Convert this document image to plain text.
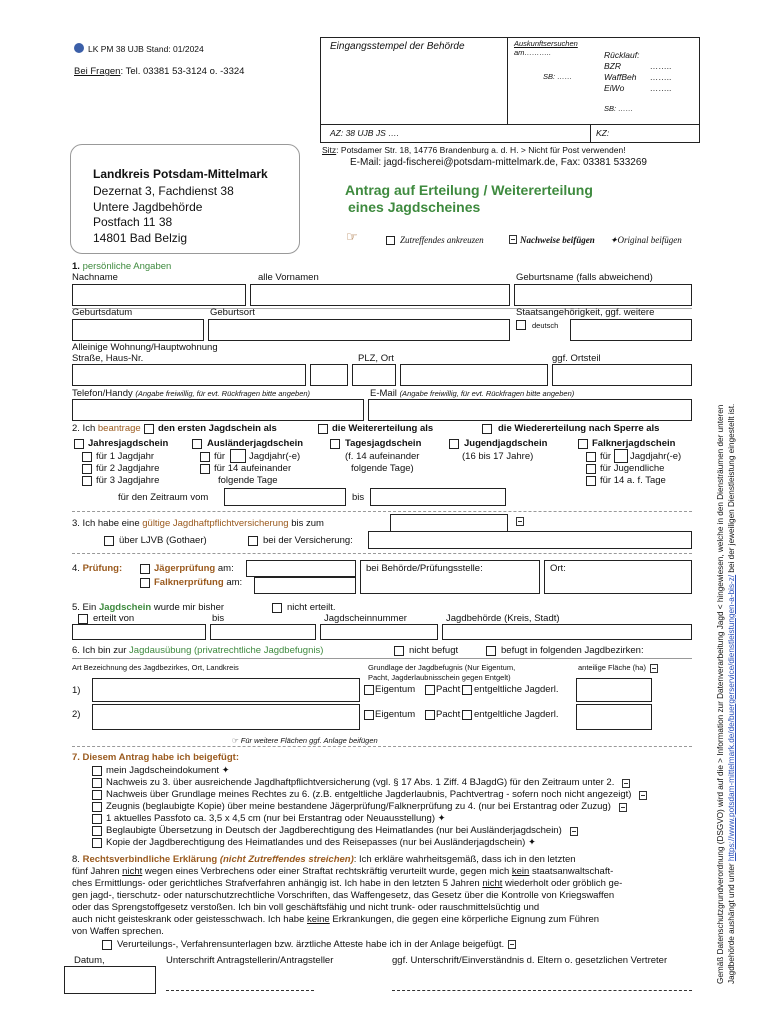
LK PM 38 UJB Stand: 01/2024
Bei Fragen: Tel. 03381 53-3124 o. -3324
Eingangsstempel der Behörde	Auskunftsersuchen
am………..
SB: ……
Rücklauf:
BZR	……..
WaffBeh ……..
EiWo	……..
SB: ……
AZ: 38 UJB JS ….	KZ:
Sitz: Potsdamer Str. 18, 14776 Brandenburg a. d. H. > Nicht für Post verwenden!
E-Mail: jagd-fischerei@potsdam-mittelmark.de, Fax: 03381 533269
Landkreis Potsdam-Mittelmark
Dezernat 3, Fachdienst 38
Untere Jagdbehörde
Postfach 11 38
14801 Bad Belzig
Antrag auf Erteilung / Weitererteilung
eines Jagdscheines
☞	Zutreffendes ankreuzen	Nachweise beifügen ✦Original beifügen
1. persönliche Angaben
Nachname	alle Vornamen	Geburtsname (falls abweichend)
Geburtsdatum	Geburtsort	Staatsangehörigkeit, ggf. weitere
deutsch
Alleinige Wohnung/Hauptwohnung
Straße, Haus-Nr.	PLZ, Ort	ggf. Ortsteil
Telefon/Handy (Angabe freiwillig, für evt. Rückfragen bitte angeben)	E-Mail (Angabe freiwillig, für evt. Rückfragen bitte angeben)
2. Ich beantrage den ersten Jagdschein als	die Weitererteilung als	die Wiedererteilung nach Sperre als
Jahresjagdschein
für 1 Jagdjahr
für 2 Jagdjahre
für 3 Jagdjahre
Ausländerjagdschein
für	Jagdjahr(-e)
für 14 aufeinander
folgende Tage
Tagesjagdschein
(f. 14 aufeinander
folgende Tage)
Jugendjagdschein
(16 bis 17 Jahre)
Falknerjagdschein
für Jagdjahr(-e)
für Jugendliche
für 14 a. f. Tage
für den Zeitraum vom	bis
3. Ich habe eine gültige Jagdhaftpflichtversicherung bis zum
über LJVB (Gothaer)	bei der Versicherung:
4. Prüfung:	Jägerprüfung am:
Falknerprüfung am:
bei Behörde/Prüfungsstelle:	Ort:
5. Ein Jagdschein wurde mir bisher	nicht erteilt.
erteilt von	bis	Jagdscheinnummer	Jagdbehörde (Kreis, Stadt)
6. Ich bin zur Jagdausübung (privatrechtliche Jagdbefugnis)	nicht befugt	befugt in folgenden Jagdbezirken:
Art Bezeichnung des Jagdbezirkes, Ort, Landkreis	Grundlage der Jagdbefugnis (Nur Eigentum,
Pacht, Jagderlaubnisschein gegen Entgelt)
anteilige Fläche (ha)
1)	Eigentum Pacht entgeltliche Jagderl.
2)	Eigentum Pacht entgeltliche Jagderl.
☞ Für weitere Flächen ggf. Anlage beifügen
7. Diesem Antrag habe ich beigefügt:
mein Jagdscheindokument ✦
Nachweis zu 3. über ausreichende Jagdhaftpflichtversicherung (vgl. § 17 Abs. 1 Ziff. 4 BJagdG) für den Zeitraum unter 2.
Nachweis über Grundlage meines Rechtes zu 6. (z.B. entgeltliche Jagderlaubnis, Pachtvertrag - sofern noch nicht angezeigt)
Zeugnis (beglaubigte Kopie) über meine bestandene Jägerprüfung/Falknerprüfung zu 4. (nur bei Erstantrag oder Zuzug)
1 aktuelles Passfoto ca. 3,5 x 4,5 cm (nur bei Erstantrag oder Neuausstellung) ✦
Beglaubigte Übersetzung in Deutsch der Jagdberechtigung des Heimatlandes (nur bei Ausländerjagdschein)
Kopie der Jagdberechtigung des Heimatlandes und des Reisepasses (nur bei Ausländerjagdschein) ✦
8. Rechtsverbindliche Erklärung (nicht Zutreffendes streichen): Ich erkläre wahrheitsgemäß, dass ich in den letzten
fünf Jahren nicht wegen eines Verbrechens oder einer Straftat rechtskräftig verurteilt wurde, gegen mich kein staatsanwaltschaft-
ches Ermittlungs- oder gerichtliches Strafverfahren anhängig ist. Ich habe in den letzten 5 Jahren nicht wiederholt oder gröblich ge-
gen jagd-, tierschutz- oder naturschutzrechtliche Vorschriften, das Waffengesetz, das Gesetz über die Kontrolle von Kriegswaffen
oder das Sprengstoffgesetz verstoßen. Ich bin voll geschäftsfähig und nicht trunk- oder rauschmittelsüchtig und
auch nicht geisteskrank oder geistesschwach. Ich habe keine Erkrankungen, die gegen eine körperliche Eignung zum Führen
von Waffen sprechen.
Verurteilungs-, Verfahrensunterlagen bzw. ärztliche Atteste habe ich in der Anlage beigefügt.
Datum,	Unterschrift Antragstellerin/Antragsteller	ggf. Unterschrift/Einverständnis d. Eltern o. gesetzlichen Vertreter	Gemäß Datenschutzgrundverordnung (DSGVO) wird auf die > Information zur Datenverarbeitung Jagd < hingewiesen, welche in den Diensträumen der unteren Jagdbehörde aushängt und unter https://www.potsdam-mittelmark.de/de/buergerservice/dienstleistungen-a-bis-z/ bei der jeweiligen Dienstleistung eingestellt ist.
